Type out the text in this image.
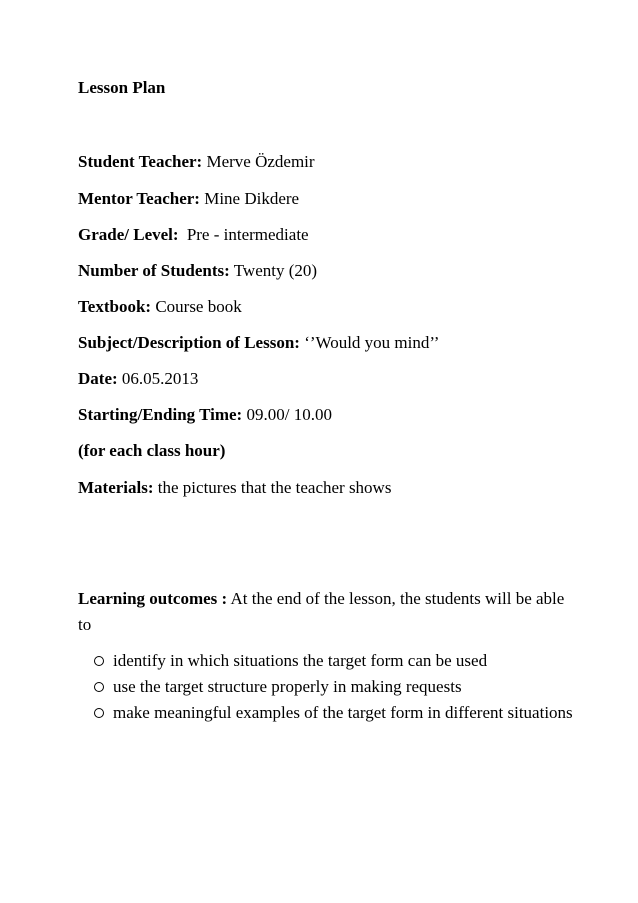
Lesson Plan
Student Teacher: Merve Özdemir
Mentor Teacher: Mine Dikdere
Grade/ Level: Pre - intermediate
Number of Students: Twenty (20)
Textbook: Course book
Subject/Description of Lesson: ‘’Would you mind’’
Date: 06.05.2013
Starting/Ending Time: 09.00/ 10.00
(for each class hour)
Materials: the pictures that the teacher shows
Learning outcomes : At the end of the lesson, the students will be able to
identify in which situations the target form can be used
use the target structure properly in making requests
make meaningful examples of the target form in different situations
